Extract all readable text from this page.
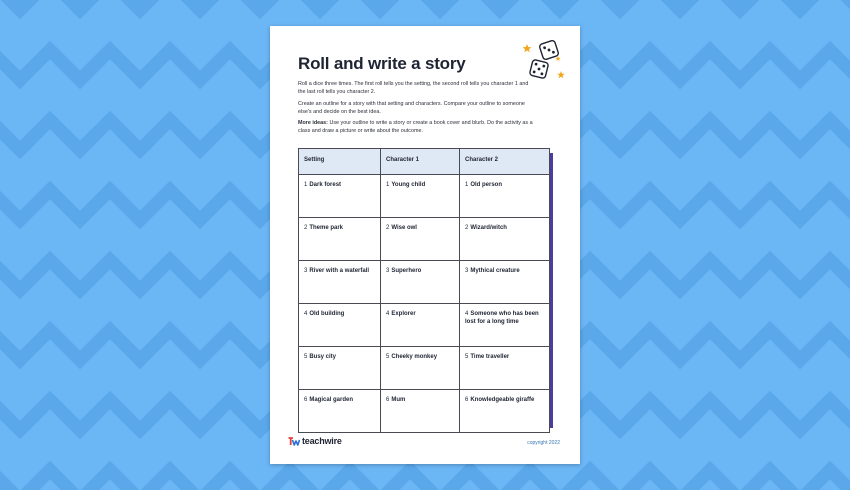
Roll and write a story

Roll a dice three times. The first roll tells you the setting, the second roll tells you character 1 and the last roll tells you character 2.

Create an outline for a story with that setting and characters. Compare your outline to someone else's and decide on the best idea.

More ideas: Use your outline to write a story or create a book cover and blurb. Do the activity as a class and draw a picture or write about the outcome.

Setting	Character 1	Character 2
1 Dark forest	1 Young child	1 Old person
2 Theme park	2 Wise owl	2 Wizard/witch
3 River with a waterfall	3 Superhero	3 Mythical creature
4 Old building	4 Explorer	4 Someone who has been lost for a long time
5 Busy city	5 Cheeky monkey	5 Time traveller
6 Magical garden	6 Mum	6 Knowledgeable giraffe
teachwire	copyright 2022
